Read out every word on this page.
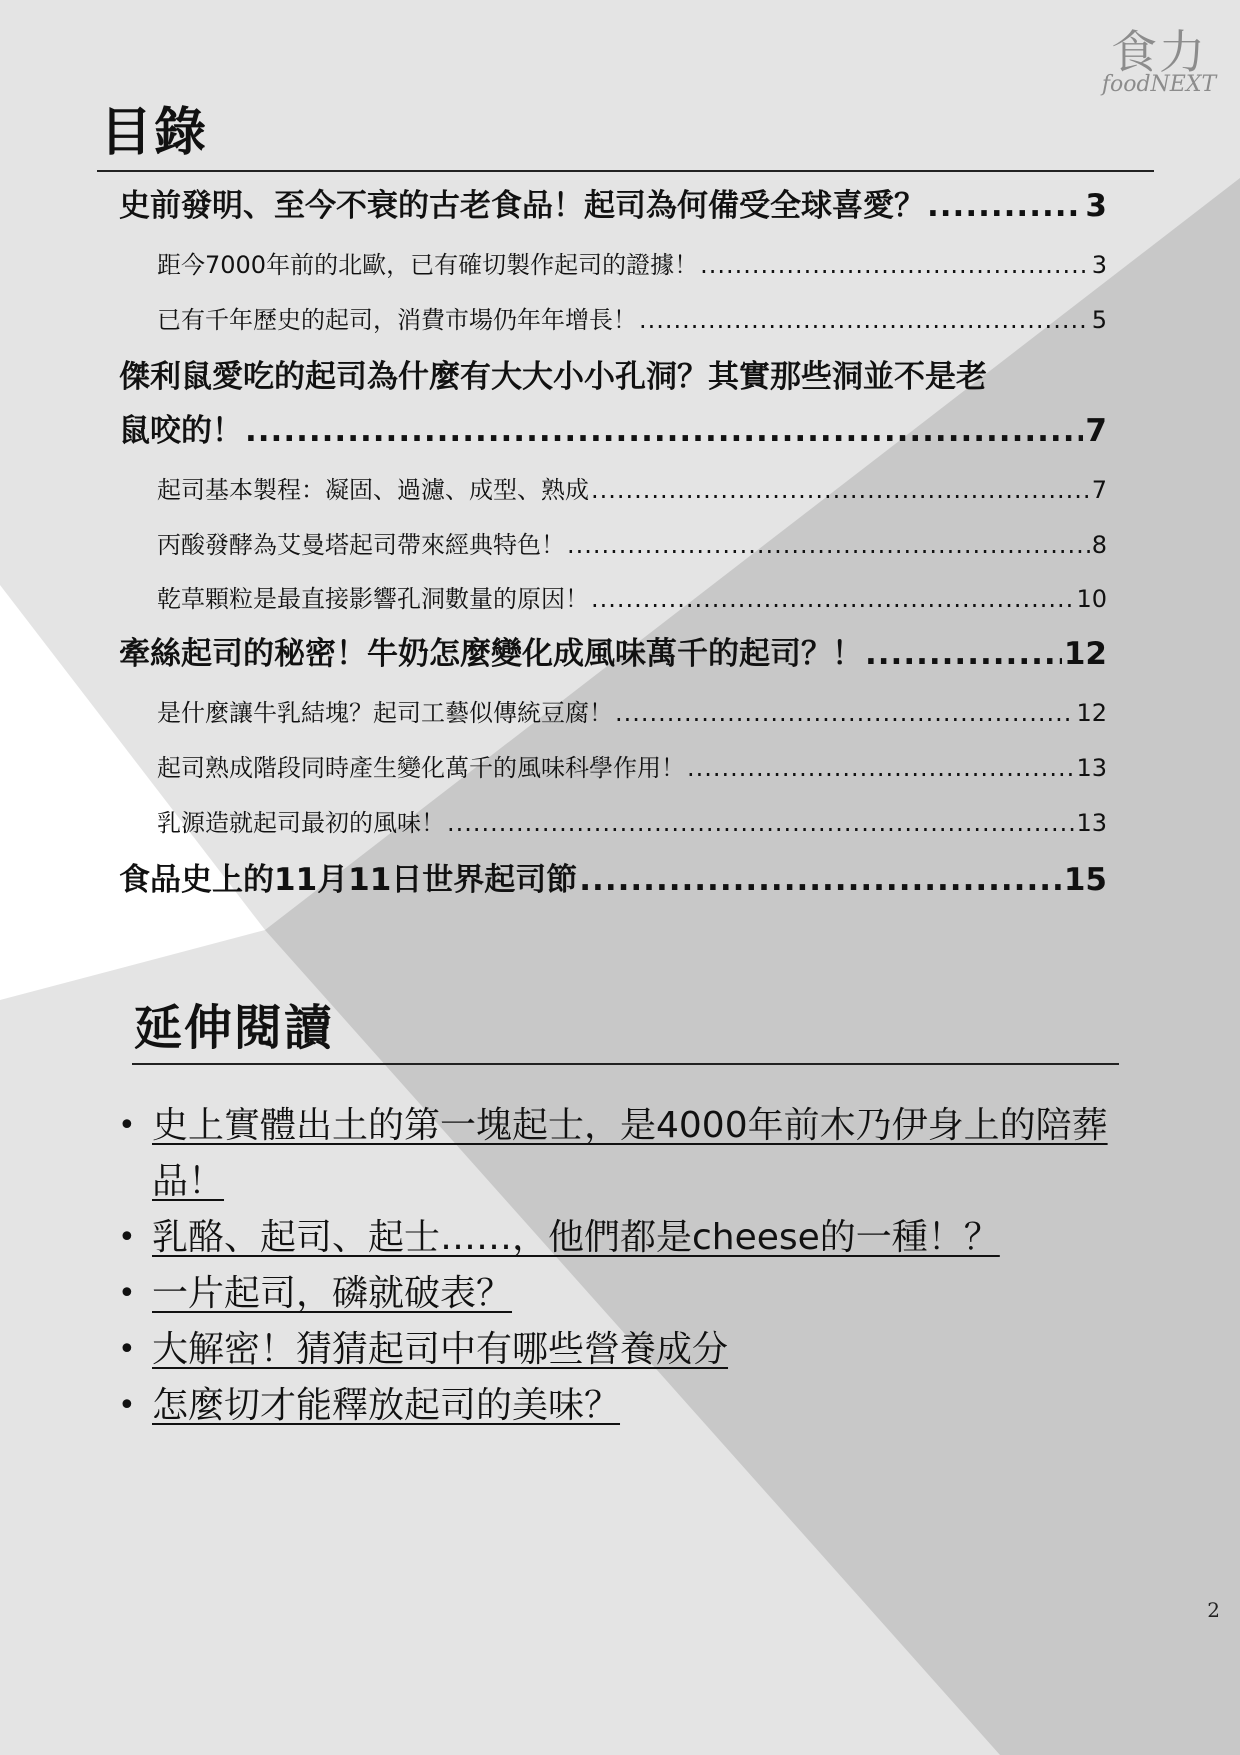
食力
foodNEXT
目錄
史前發明、至今不衰的古老食品！起司為何備受全球喜愛？ .....	3
距今7000年前的北歐，已有確切製作起司的證據！ .....	3
已有千年歷史的起司，消費市場仍年年增長！ .....	5
傑利鼠愛吃的起司為什麼有大大小小孔洞？其實那些洞並不是老
鼠咬的！ .....	7
起司基本製程：凝固、過濾、成型、熟成 .....	7
丙酸發酵為艾曼塔起司帶來經典特色！ .....	8
乾草顆粒是最直接影響孔洞數量的原因！ .....	10
牽絲起司的秘密！牛奶怎麼變化成風味萬千的起司？！ .....	12
是什麼讓牛乳結塊？起司工藝似傳統豆腐！ .....	12
起司熟成階段同時產生變化萬千的風味科學作用！ .....	13
乳源造就起司最初的風味！ .....	13
食品史上的11月11日世界起司節 .....	15
延伸閱讀
• 史上實體出土的第一塊起士，是4000年前木乃伊身上的陪葬品！
• 乳酪、起司、起士……，他們都是cheese的一種！？
• 一片起司，磷就破表？
• 大解密！猜猜起司中有哪些營養成分
• 怎麼切才能釋放起司的美味？
2
